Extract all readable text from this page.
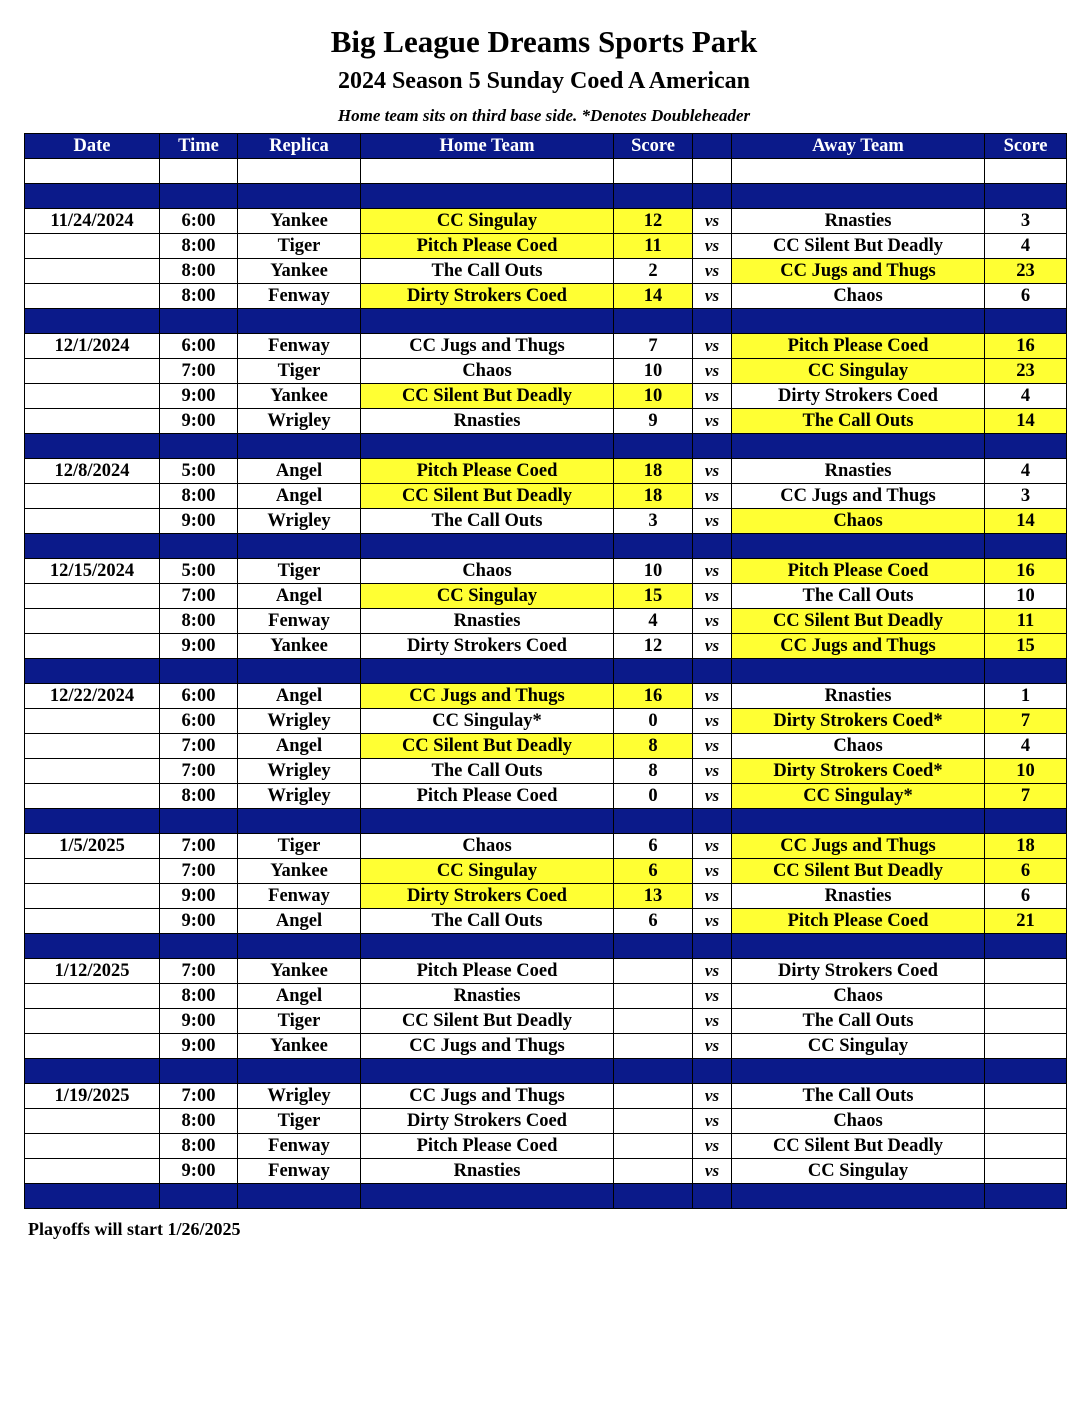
Big League Dreams Sports Park
2024 Season 5 Sunday Coed A American
Home team sits on third base side. *Denotes Doubleheader
Date	Time	Replica	Home Team	Score		Away Team	Score

11/24/2024	6:00	Yankee	CC Singulay	12	vs	Rnasties	3
	8:00	Tiger	Pitch Please Coed	11	vs	CC Silent But Deadly	4
	8:00	Yankee	The Call Outs	2	vs	CC Jugs and Thugs	23
	8:00	Fenway	Dirty Strokers Coed	14	vs	Chaos	6

12/1/2024	6:00	Fenway	CC Jugs and Thugs	7	vs	Pitch Please Coed	16
	7:00	Tiger	Chaos	10	vs	CC Singulay	23
	9:00	Yankee	CC Silent But Deadly	10	vs	Dirty Strokers Coed	4
	9:00	Wrigley	Rnasties	9	vs	The Call Outs	14

12/8/2024	5:00	Angel	Pitch Please Coed	18	vs	Rnasties	4
	8:00	Angel	CC Silent But Deadly	18	vs	CC Jugs and Thugs	3
	9:00	Wrigley	The Call Outs	3	vs	Chaos	14

12/15/2024	5:00	Tiger	Chaos	10	vs	Pitch Please Coed	16
	7:00	Angel	CC Singulay	15	vs	The Call Outs	10
	8:00	Fenway	Rnasties	4	vs	CC Silent But Deadly	11
	9:00	Yankee	Dirty Strokers Coed	12	vs	CC Jugs and Thugs	15

12/22/2024	6:00	Angel	CC Jugs and Thugs	16	vs	Rnasties	1
	6:00	Wrigley	CC Singulay*	0	vs	Dirty Strokers Coed*	7
	7:00	Angel	CC Silent But Deadly	8	vs	Chaos	4
	7:00	Wrigley	The Call Outs	8	vs	Dirty Strokers Coed*	10
	8:00	Wrigley	Pitch Please Coed	0	vs	CC Singulay*	7

1/5/2025	7:00	Tiger	Chaos	6	vs	CC Jugs and Thugs	18
	7:00	Yankee	CC Singulay	6	vs	CC Silent But Deadly	6
	9:00	Fenway	Dirty Strokers Coed	13	vs	Rnasties	6
	9:00	Angel	The Call Outs	6	vs	Pitch Please Coed	21

1/12/2025	7:00	Yankee	Pitch Please Coed		vs	Dirty Strokers Coed	
	8:00	Angel	Rnasties		vs	Chaos	
	9:00	Tiger	CC Silent But Deadly		vs	The Call Outs	
	9:00	Yankee	CC Jugs and Thugs		vs	CC Singulay	

1/19/2025	7:00	Wrigley	CC Jugs and Thugs		vs	The Call Outs	
	8:00	Tiger	Dirty Strokers Coed		vs	Chaos	
	8:00	Fenway	Pitch Please Coed		vs	CC Silent But Deadly	
	9:00	Fenway	Rnasties		vs	CC Singulay	

Playoffs will start 1/26/2025
